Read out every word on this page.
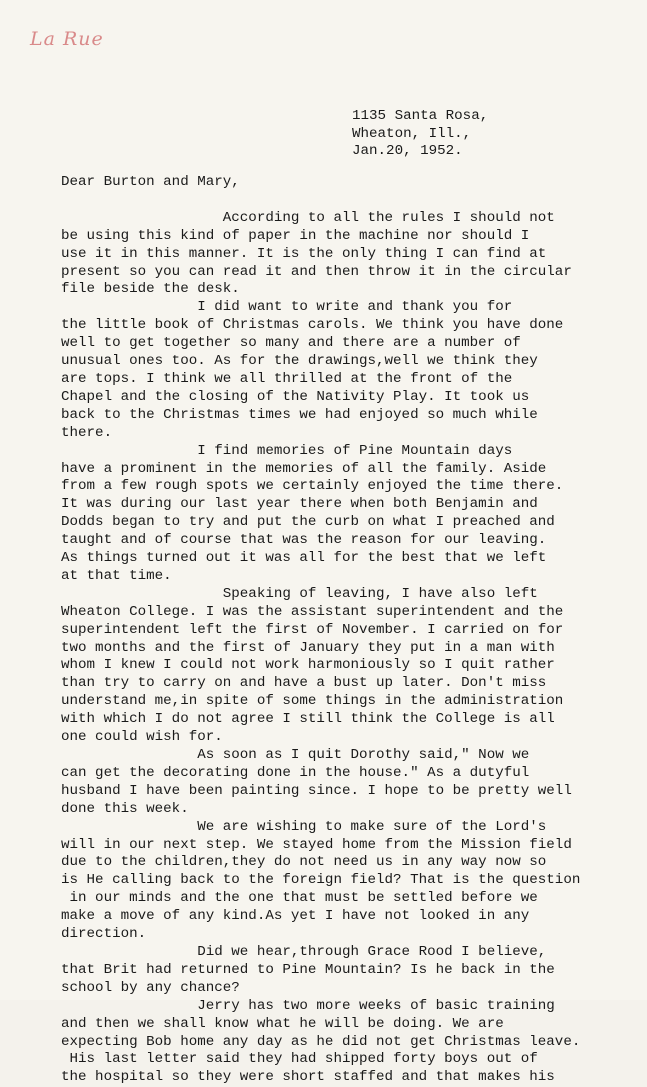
La Rue
1135 Santa Rosa,
Wheaton, Ill.,
Jan.20, 1952.
Dear Burton and Mary,

According to all the rules I should not
be using this kind of paper in the machine nor should I
use it in this manner. It is the only thing I can find at
present so you can read it and then throw it in the circular
file beside the desk.
I did want to write and thank you for
the little book of Christmas carols. We think you have done
well to get together so many and there are a number of
unusual ones too. As for the drawings,well we think they
are tops. I think we all thrilled at the front of the
Chapel and the closing of the Nativity Play. It took us
back to the Christmas times we had enjoyed so much while
there.
I find memories of Pine Mountain days
have a prominent in the memories of all the family. Aside
from a few rough spots we certainly enjoyed the time there.
It was during our last year there when both Benjamin and
Dodds began to try and put the curb on what I preached and
taught and of course that was the reason for our leaving.
As things turned out it was all for the best that we left
at that time.
Speaking of leaving, I have also left
Wheaton College. I was the assistant superintendent and the
superintendent left the first of November. I carried on for
two months and the first of January they put in a man with
whom I knew I could not work harmoniously so I quit rather
than try to carry on and have a bust up later. Don't miss
understand me,in spite of some things in the administration
with which I do not agree I still think the College is all
one could wish for.
As soon as I quit Dorothy said," Now we
can get the decorating done in the house." As a dutyful
husband I have been painting since. I hope to be pretty well
done this week.
We are wishing to make sure of the Lord's
will in our next step. We stayed home from the Mission field
due to the children,they do not need us in any way now so
is He calling back to the foreign field? That is the question
in our minds and the one that must be settled before we
make a move of any kind.As yet I have not looked in any
direction.
Did we hear,through Grace Rood I believe,
that Brit had returned to Pine Mountain? Is he back in the
school by any chance?
Jerry has two more weeks of basic training
and then we shall know what he will be doing. We are
expecting Bob home any day as he did not get Christmas leave.
His last letter said they had shipped forty boys out of
the hospital so they were short staffed and that makes his
